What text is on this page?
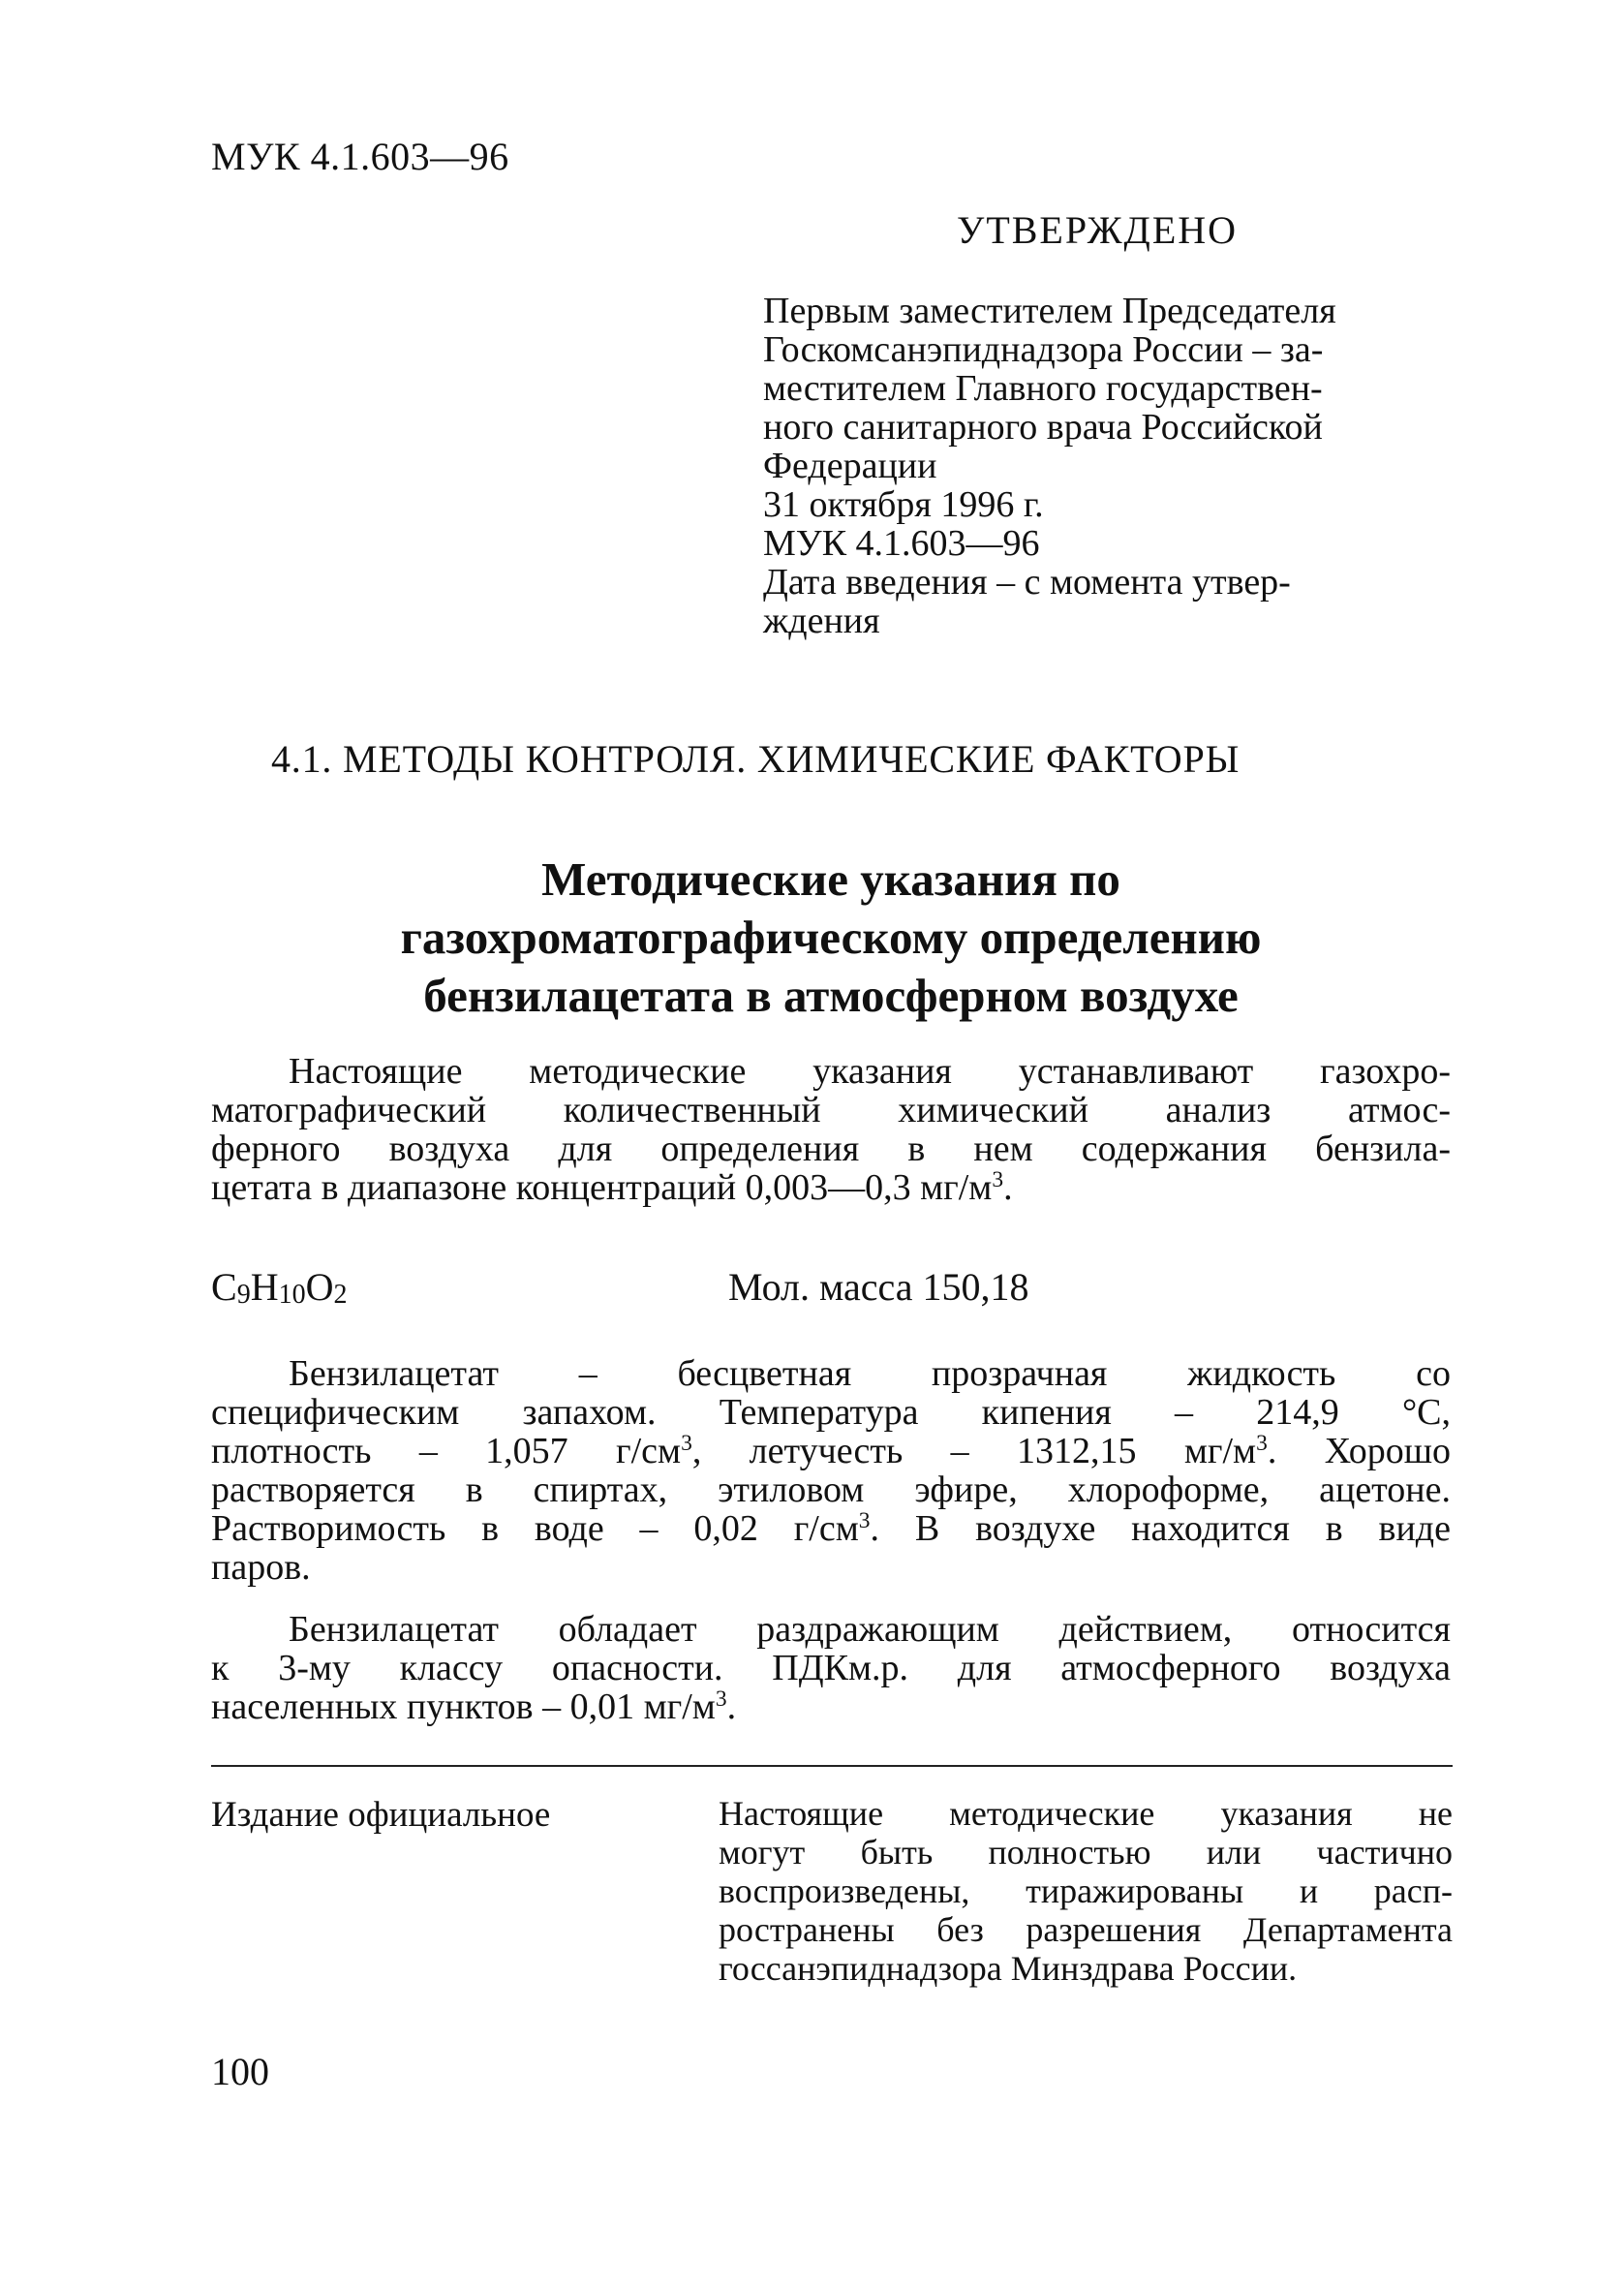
МУК 4.1.603—96
УТВЕРЖДЕНО
Первым заместителем Председателя
Госкомсанэпиднадзора России – за-
местителем Главного государствен-
ного санитарного врача Российской
Федерации
31 октября 1996 г.
МУК 4.1.603—96
Дата введения – с момента утвер-
ждения
4.1. МЕТОДЫ КОНТРОЛЯ. ХИМИЧЕСКИЕ ФАКТОРЫ
Методические указания по
газохроматографическому определению
бензилацетата в атмосферном воздухе
Настоящие методические указания устанавливают газохро-
матографический количественный химический анализ атмос-
ферного воздуха для определения в нем содержания бензила-
цетата в диапазоне концентраций 0,003—0,3 $мг/м^3$.
$C_9H_{10}O_2$	Мол. масса 150,18
Бензилацетат – бесцветная прозрачная жидкость со
специфическим запахом. Температура кипения – 214,9 °С,
плотность – 1,057 $г/см^3$, летучесть – 1312,15 $мг/м^3$. Хорошо
растворяется в спиртах, этиловом эфире, хлороформе, ацетоне.
Растворимость в воде – 0,02 $г/см^3$. В воздухе находится в виде
паров.
Бензилацетат обладает раздражающим действием, относится
к 3-му классу опасности. ПДКм.р. для атмосферного воздуха
населенных пунктов – 0,01 $мг/м^3$.
Издание официальное	Настоящие методические указания не
могут быть полностью или частично
воспроизведены, тиражированы и расп-
ространены без разрешения Департамента
госсанэпиднадзора Минздрава России.
100
